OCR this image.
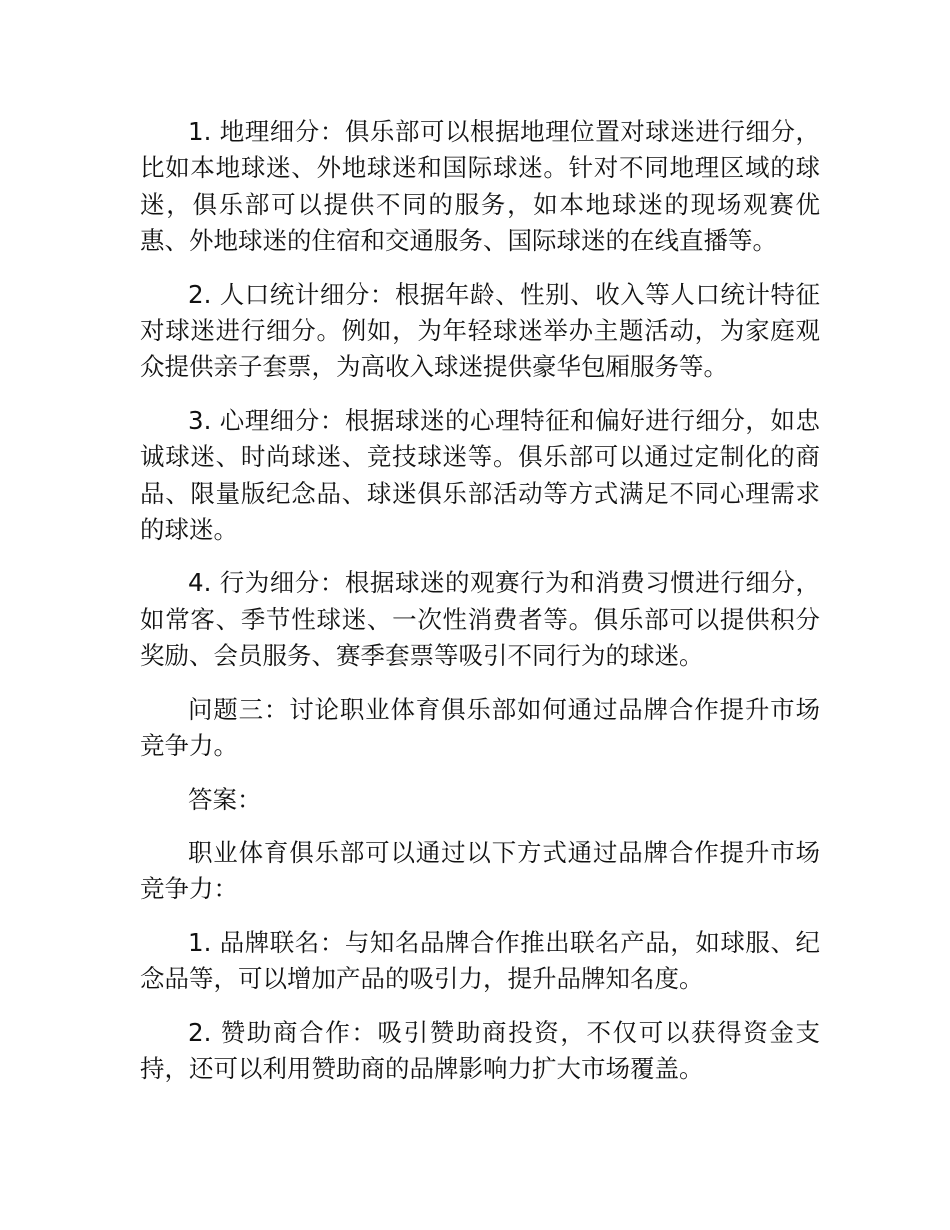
1. 地理细分：俱乐部可以根据地理位置对球迷进行细分，比如本地球迷、外地球迷和国际球迷。针对不同地理区域的球迷，俱乐部可以提供不同的服务，如本地球迷的现场观赛优惠、外地球迷的住宿和交通服务、国际球迷的在线直播等。

2. 人口统计细分：根据年龄、性别、收入等人口统计特征对球迷进行细分。例如，为年轻球迷举办主题活动，为家庭观众提供亲子套票，为高收入球迷提供豪华包厢服务等。

3. 心理细分：根据球迷的心理特征和偏好进行细分，如忠诚球迷、时尚球迷、竞技球迷等。俱乐部可以通过定制化的商品、限量版纪念品、球迷俱乐部活动等方式满足不同心理需求的球迷。

4. 行为细分：根据球迷的观赛行为和消费习惯进行细分，如常客、季节性球迷、一次性消费者等。俱乐部可以提供积分奖励、会员服务、赛季套票等吸引不同行为的球迷。

问题三：讨论职业体育俱乐部如何通过品牌合作提升市场竞争力。

答案：

职业体育俱乐部可以通过以下方式通过品牌合作提升市场竞争力：

1. 品牌联名：与知名品牌合作推出联名产品，如球服、纪念品等，可以增加产品的吸引力，提升品牌知名度。

2. 赞助商合作：吸引赞助商投资，不仅可以获得资金支持，还可以利用赞助商的品牌影响力扩大市场覆盖。
